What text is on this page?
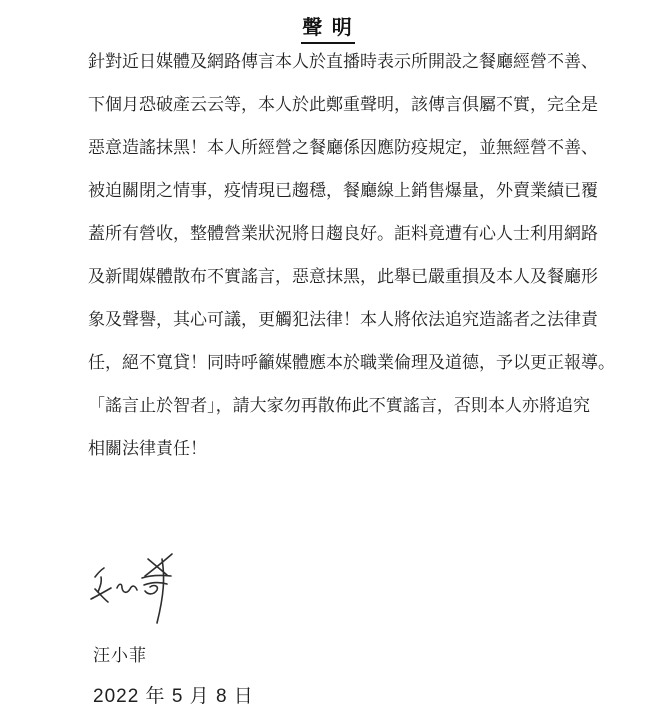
聲 明
針對近日媒體及網路傳言本人於直播時表示所開設之餐廳經營不善、
下個月恐破產云云等，本人於此鄭重聲明，該傳言俱屬不實，完全是
惡意造謠抹黑！本人所經營之餐廳係因應防疫規定，並無經營不善、
被迫關閉之情事，疫情現已趨穩，餐廳線上銷售爆量，外賣業績已覆
蓋所有營收，整體營業狀況將日趨良好。詎料竟遭有心人士利用網路
及新聞媒體散布不實謠言，惡意抹黑，此舉已嚴重損及本人及餐廳形
象及聲譽，其心可議，更觸犯法律！本人將依法追究造謠者之法律責
任，絕不寬貸！同時呼籲媒體應本於職業倫理及道德，予以更正報導。
「謠言止於智者」，請大家勿再散佈此不實謠言，否則本人亦將追究
相關法律責任！
汪小菲
2022 年 5 月 8 日
